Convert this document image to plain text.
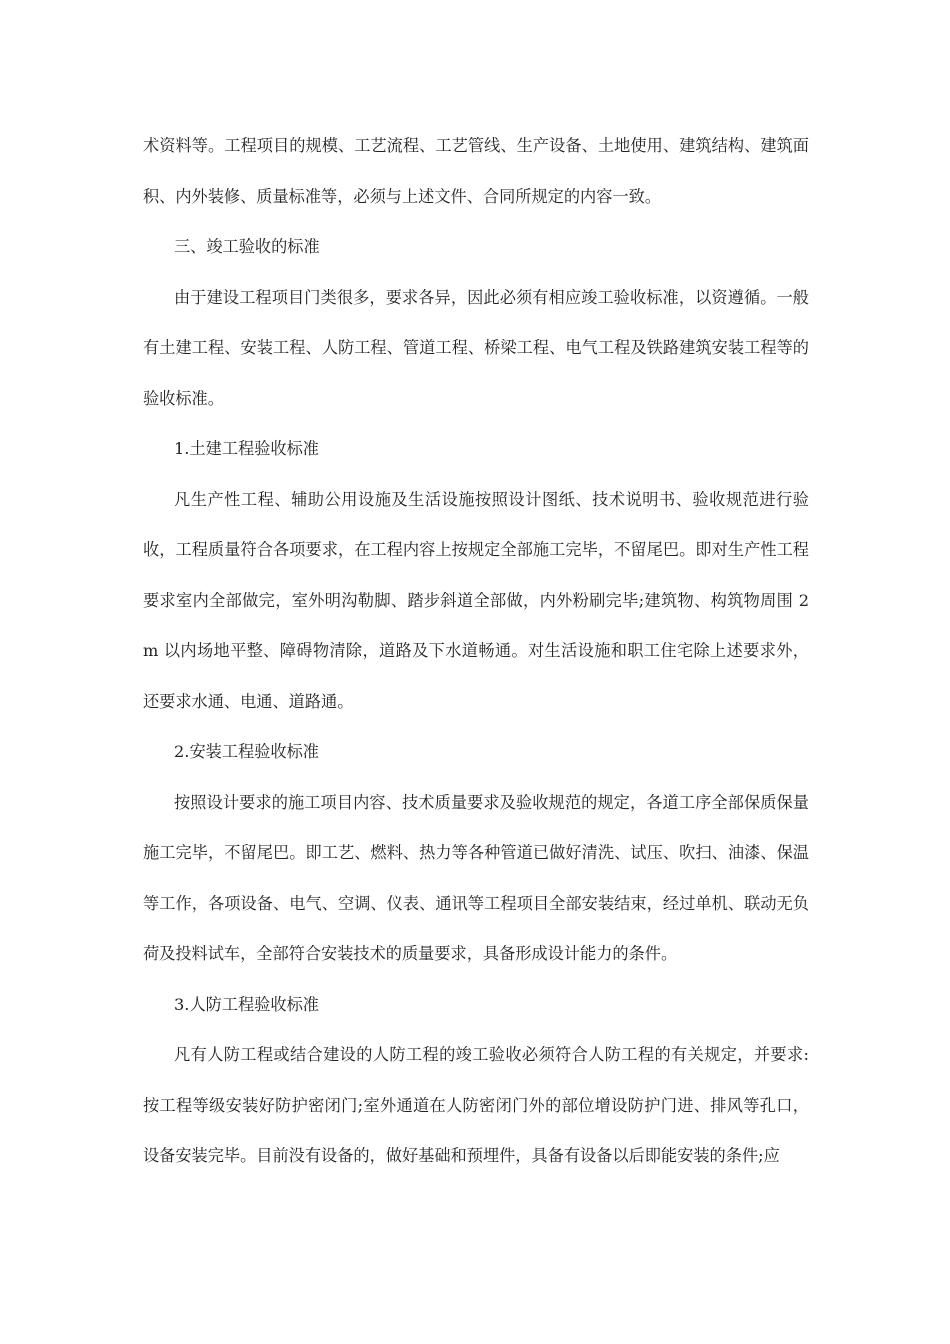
术资料等。工程项目的规模、工艺流程、工艺管线、生产设备、土地使用、建筑结构、建筑面积、内外装修、质量标准等，必须与上述文件、合同所规定的内容一致。

三、竣工验收的标准

由于建设工程项目门类很多，要求各异，因此必须有相应竣工验收标准，以资遵循。一般有土建工程、安装工程、人防工程、管道工程、桥梁工程、电气工程及铁路建筑安装工程等的验收标准。

1.土建工程验收标准

凡生产性工程、辅助公用设施及生活设施按照设计图纸、技术说明书、验收规范进行验收，工程质量符合各项要求，在工程内容上按规定全部施工完毕，不留尾巴。即对生产性工程要求室内全部做完，室外明沟勒脚、踏步斜道全部做，内外粉刷完毕;建筑物、构筑物周围 2m 以内场地平整、障碍物清除，道路及下水道畅通。对生活设施和职工住宅除上述要求外，还要求水通、电通、道路通。

2.安装工程验收标准

按照设计要求的施工项目内容、技术质量要求及验收规范的规定，各道工序全部保质保量施工完毕，不留尾巴。即工艺、燃料、热力等各种管道已做好清洗、试压、吹扫、油漆、保温等工作，各项设备、电气、空调、仪表、通讯等工程项目全部安装结束，经过单机、联动无负荷及投料试车，全部符合安装技术的质量要求，具备形成设计能力的条件。

3.人防工程验收标准

凡有人防工程或结合建设的人防工程的竣工验收必须符合人防工程的有关规定，并要求:按工程等级安装好防护密闭门;室外通道在人防密闭门外的部位增设防护门进、排风等孔口，设备安装完毕。目前没有设备的，做好基础和预埋件，具备有设备以后即能安装的条件;应
